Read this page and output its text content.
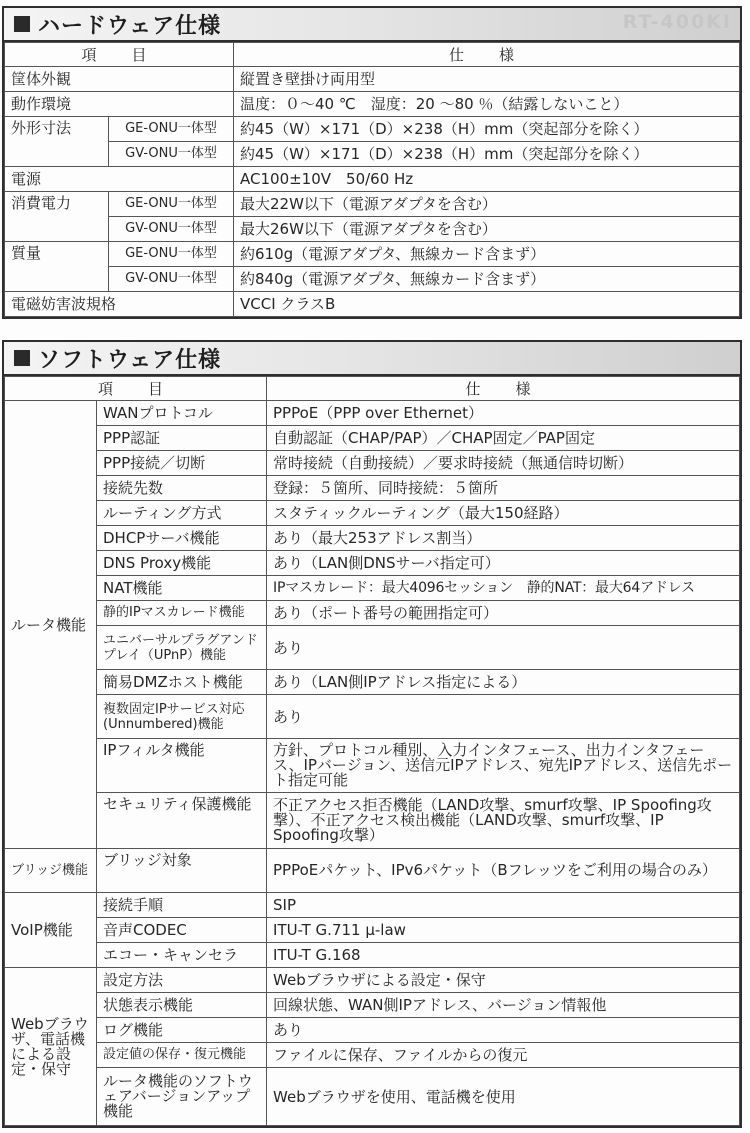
ハードウェア仕様	RT-400KI
項　目		仕　様
筐体外観		縦置き壁掛け両用型
動作環境		温度：０～40 ℃　湿度：20 ～80 ％（結露しないこと）
外形寸法	GE-ONU一体型	約45（W）×171（D）×238（H）mm（突起部分を除く）
	GV-ONU一体型	約45（W）×171（D）×238（H）mm（突起部分を除く）
電源		AC100±10V　50/60 Hz
消費電力	GE-ONU一体型	最大22W以下（電源アダプタを含む）
	GV-ONU一体型	最大26W以下（電源アダプタを含む）
質量	GE-ONU一体型	約610g（電源アダプタ、無線カード含まず）
	GV-ONU一体型	約840g（電源アダプタ、無線カード含まず）
電磁妨害波規格		VCCI クラスB
ソフトウェア仕様
項　目		仕　様
ルータ機能	WANプロトコル	PPPoE（PPP over Ethernet）
	PPP認証	自動認証（CHAP/PAP）／CHAP固定／PAP固定
	PPP接続／切断	常時接続（自動接続）／要求時接続（無通信時切断）
	接続先数	登録：５箇所、同時接続：５箇所
	ルーティング方式	スタティックルーティング（最大150経路）
	DHCPサーバ機能	あり（最大253アドレス割当）
	DNS Proxy機能	あり（LAN側DNSサーバ指定可）
	NAT機能	IPマスカレード：最大4096セッション　静的NAT：最大64アドレス
	静的IPマスカレード機能	あり（ポート番号の範囲指定可）
	ユニバーサルプラグアンドプレイ（UPnP）機能	あり
	簡易DMZホスト機能	あり（LAN側IPアドレス指定による）
	複数固定IPサービス対応(Unnumbered)機能	あり
	IPフィルタ機能	方針、プロトコル種別、入力インタフェース、出力インタフェース、IPバージョン、送信元IPアドレス、宛先IPアドレス、送信先ポート指定可能
	セキュリティ保護機能	不正アクセス拒否機能（LAND攻撃、smurf攻撃、IP Spoofing攻撃）、不正アクセス検出機能（LAND攻撃、smurf攻撃、IP Spoofing攻撃）
ブリッジ機能	ブリッジ対象	PPPoEパケット、IPv6パケット（Bフレッツをご利用の場合のみ）
VoIP機能	接続手順	SIP
	音声CODEC	ITU-T G.711 μ-law
	エコー・キャンセラ	ITU-T G.168
Webブラウザ、電話機による設定・保守	設定方法	Webブラウザによる設定・保守
	状態表示機能	回線状態、WAN側IPアドレス、バージョン情報他
	ログ機能	あり
	設定値の保存・復元機能	ファイルに保存、ファイルからの復元
	ルータ機能のソフトウェアバージョンアップ機能	Webブラウザを使用、電話機を使用
